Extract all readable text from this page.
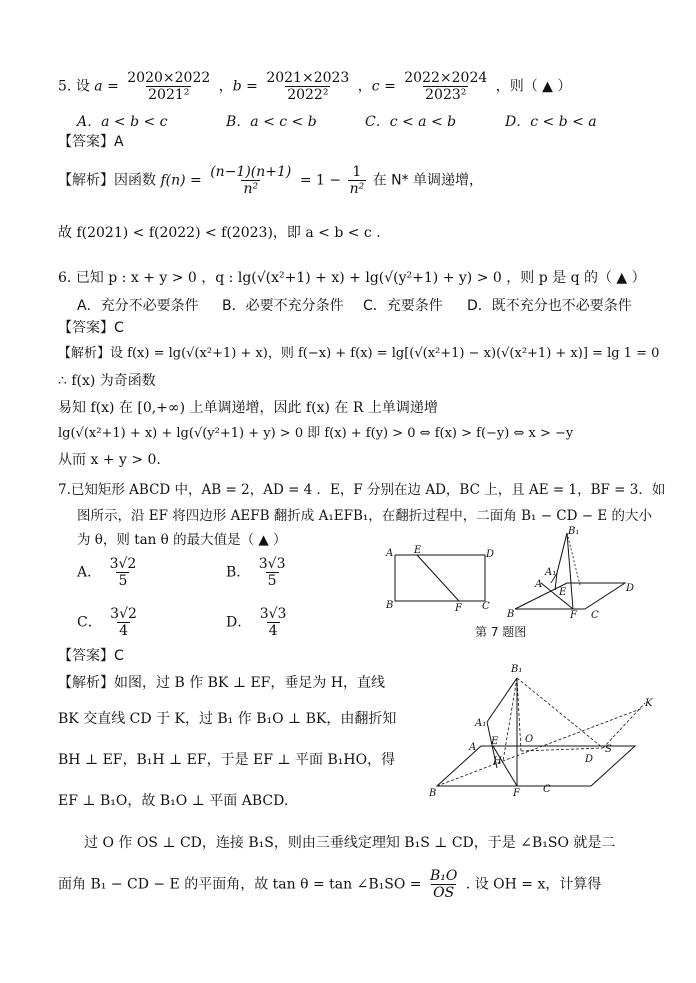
5. 设 $a = \frac{2020\times 2022}{\text{2021²}}$ ，$b = \frac{2021\times 2023}{\text{2022²}}$ ，$c = \frac{2022\times 2024}{\text{2023²}}$ ，则（ ▲ ）
A．a < b < c	B．a < c < b	C．c < a < b	D．c < b < a
【答案】A
【解析】因函数 $f(n) = \frac{(n-1)(n+1)}{\text{n²}} = 1 - \frac{1}{\text{n²}}$ 在 N* 单调递增，
故 f(2021) < f(2022) < f(2023)，即 a < b < c .
6. 已知 p : x + y > 0 ，q : lg(√(x²+1) + x) + lg(√(y²+1) + y) > 0 ，则 p 是 q 的（ ▲ ）
A．充分不必要条件 B．必要不充分条件 C．充要条件 D．既不充分也不必要条件
【答案】C
【解析】设 f(x) = lg(√(x²+1) + x)，则 f(−x) + f(x) = lg[(√(x²+1) − x)(√(x²+1) + x)] = lg 1 = 0
∴ f(x) 为奇函数
易知 f(x) 在 [0,+∞) 上单调递增，因此 f(x) 在 R 上单调递增
lg(√(x²+1) + x) + lg(√(y²+1) + y) > 0 即 f(x) + f(y) > 0 ⇔ f(x) > f(−y) ⇔ x > −y
从而 x + y > 0.
7.已知矩形 ABCD 中，AB = 2，AD = 4 ．E，F 分别在边 AD，BC 上，且 AE = 1，BF = 3．如
图所示，沿 EF 将四边形 AEFB 翻折成 A₁EFB₁，在翻折过程中，二面角 B₁ − CD − E 的大小
为 θ，则 tan θ 的最大值是（ ▲ ）
A． $\frac{3√2}{5}$	B． $\frac{3√3}{5}$
C． $\frac{3√2}{4}$	D． $\frac{3√3}{4}$
A E	D
B	F C
B₁
A₁
A
E	D
B	F C
第 7 题图
【答案】C
【解析】如图，过 B 作 BK ⊥ EF，垂足为 H，直线
BK 交直线 CD 于 K，过 B₁ 作 B₁O ⊥ BK，由翻折知
BH ⊥ EF，B₁H ⊥ EF，于是 EF ⊥ 平面 B₁HO，得
EF ⊥ B₁O，故 B₁O ⊥ 平面 ABCD.
B₁
A₁
A
E	O
H	D
S
K
B	F C
过 O 作 OS ⊥ CD，连接 B₁S，则由三垂线定理知 B₁S ⊥ CD，于是 ∠B₁SO 就是二
面角 B₁ − CD − E 的平面角，故 tan θ = tan ∠B₁SO = $\frac{\text{B₁O}}{OS}$ . 设 OH = x，计算得
